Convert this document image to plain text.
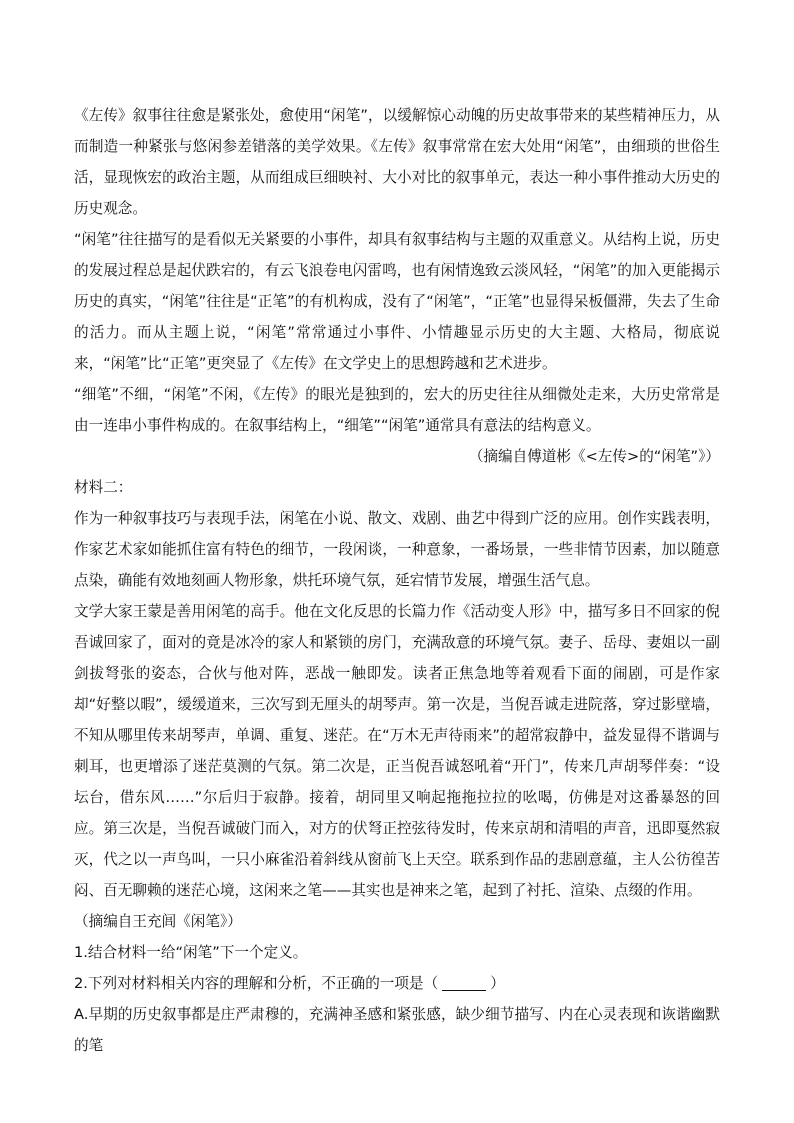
《左传》叙事往往愈是紧张处，愈使用“闲笔”，以缓解惊心动魄的历史故事带来的某些精神压力，从而制造一种紧张与悠闲参差错落的美学效果。《左传》叙事常常在宏大处用“闲笔”，由细琐的世俗生活，显现恢宏的政治主题，从而组成巨细映衬、大小对比的叙事单元，表达一种小事件推动大历史的历史观念。

“闲笔”往往描写的是看似无关紧要的小事件，却具有叙事结构与主题的双重意义。从结构上说，历史的发展过程总是起伏跌宕的，有云飞浪卷电闪雷鸣，也有闲情逸致云淡风轻，“闲笔”的加入更能揭示历史的真实，“闲笔”往往是“正笔”的有机构成，没有了“闲笔”，“正笔”也显得呆板僵滞，失去了生命的活力。而从主题上说，“闲笔”常常通过小事件、小情趣显示历史的大主题、大格局，彻底说来，“闲笔”比“正笔”更突显了《左传》在文学史上的思想跨越和艺术进步。

“细笔”不细，“闲笔”不闲，《左传》的眼光是独到的，宏大的历史往往从细微处走来，大历史常常是由一连串小事件构成的。在叙事结构上，“细笔”“闲笔”通常具有意法的结构意义。

（摘编自傅道彬《<左传>的“闲笔”》）

材料二：

作为一种叙事技巧与表现手法，闲笔在小说、散文、戏剧、曲艺中得到广泛的应用。创作实践表明，作家艺术家如能抓住富有特色的细节，一段闲谈，一种意象，一番场景，一些非情节因素，加以随意点染，确能有效地刻画人物形象，烘托环境气氛，延宕情节发展，增强生活气息。

文学大家王蒙是善用闲笔的高手。他在文化反思的长篇力作《活动变人形》中，描写多日不回家的倪吾诚回家了，面对的竟是冰冷的家人和紧锁的房门，充满敌意的环境气氛。妻子、岳母、妻姐以一副剑拔弩张的姿态，合伙与他对阵，恶战一触即发。读者正焦急地等着观看下面的闹剧，可是作家却“好整以暇”，缓缓道来，三次写到无厘头的胡琴声。第一次是，当倪吾诚走进院落，穿过影壁墙，不知从哪里传来胡琴声，单调、重复、迷茫。在“万木无声待雨来”的超常寂静中，益发显得不谐调与刺耳，也更增添了迷茫莫测的气氛。第二次是，正当倪吾诚怒吼着“开门”，传来几声胡琴伴奏：“设坛台，借东风……”尔后归于寂静。接着，胡同里又响起拖拖拉拉的吆喝，仿佛是对这番暴怒的回应。第三次是，当倪吾诚破门而入，对方的伏弩正控弦待发时，传来京胡和清唱的声音，迅即戛然寂灭，代之以一声鸟叫，一只小麻雀沿着斜线从窗前飞上天空。联系到作品的悲剧意蕴，主人公彷徨苦闷、百无聊赖的迷茫心境，这闲来之笔——其实也是神来之笔，起到了衬托、渲染、点缀的作用。

（摘编自王充闾《闲笔》）

1.结合材料一给“闲笔”下一个定义。

2.下列对材料相关内容的理解和分析，不正确的一项是（	）

A.早期的历史叙事都是庄严肃穆的，充满神圣感和紧张感，缺少细节描写、内在心灵表现和诙谐幽默的笔
